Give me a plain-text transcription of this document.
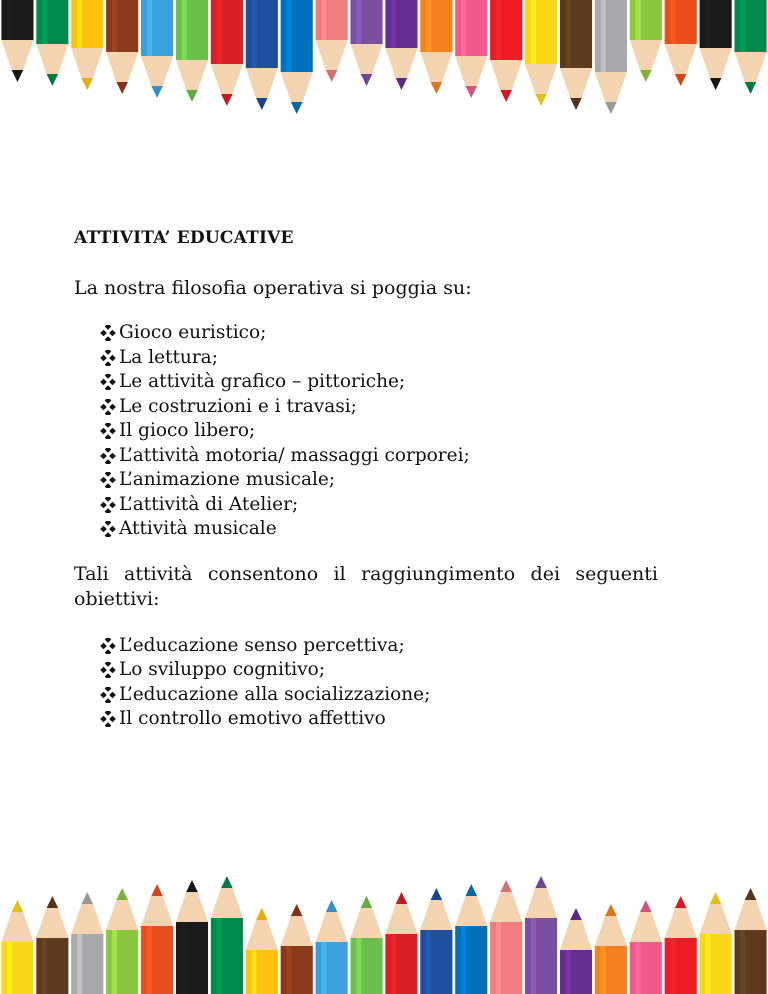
ATTIVITA’ EDUCATIVE

La nostra filosofia operativa si poggia su:

Gioco euristico;
La lettura;
Le attività grafico – pittoriche;
Le costruzioni e i travasi;
Il gioco libero;
L’attività motoria/ massaggi corporei;
L’animazione musicale;
L’attività di Atelier;
Attività musicale

Tali attività consentono il raggiungimento dei seguenti obiettivi:

L’educazione senso percettiva;
Lo sviluppo cognitivo;
L’educazione alla socializzazione;
Il controllo emotivo affettivo
